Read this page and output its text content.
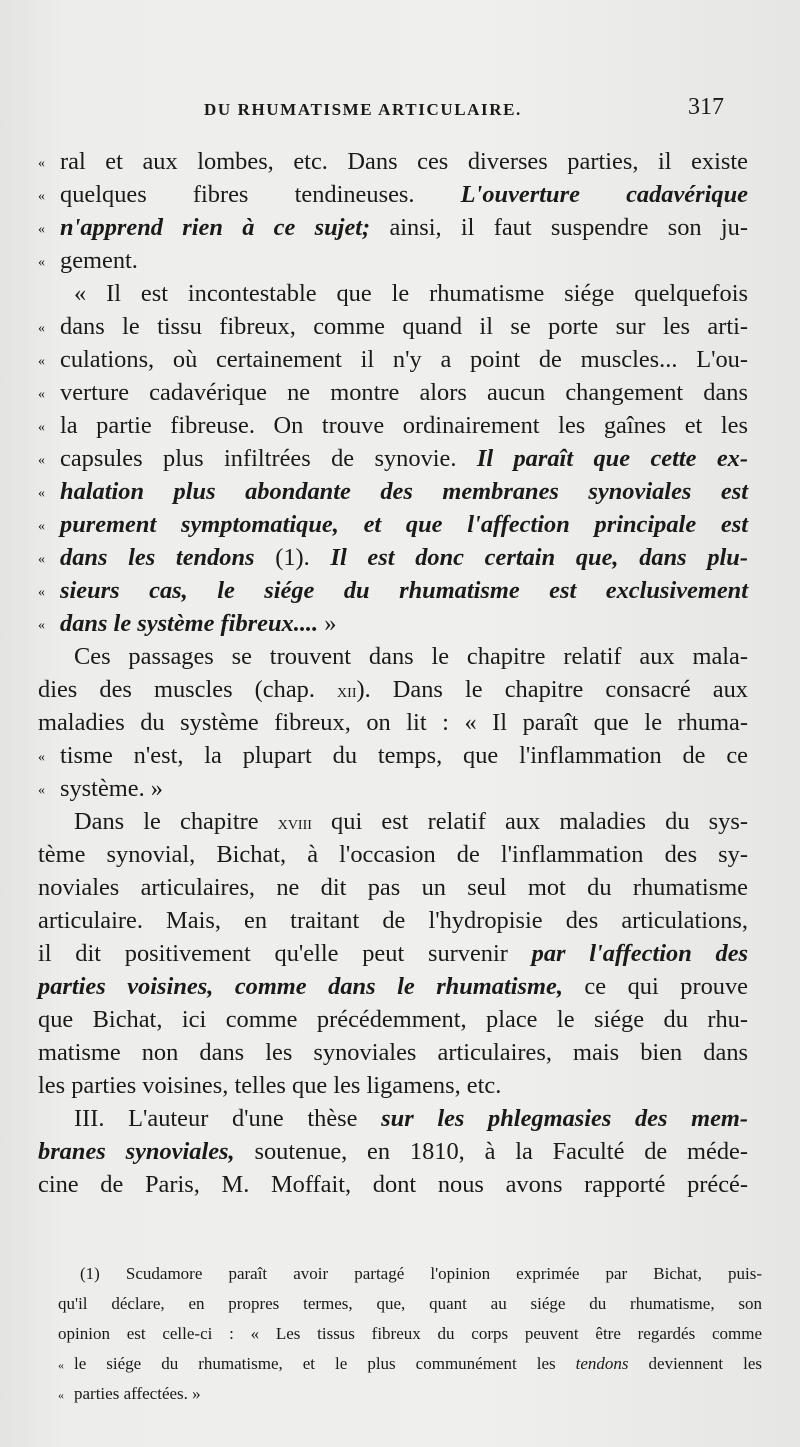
DU RHUMATISME ARTICULAIRE.	317
« ral et aux lombes, etc. Dans ces diverses parties, il existe
« quelques fibres tendineuses. L'ouverture cadavérique
« n'apprend rien à ce sujet; ainsi, il faut suspendre son ju-
« gement.
« Il est incontestable que le rhumatisme siége quelquefois
« dans le tissu fibreux, comme quand il se porte sur les arti-
« culations, où certainement il n'y a point de muscles... L'ou-
« verture cadavérique ne montre alors aucun changement dans
« la partie fibreuse. On trouve ordinairement les gaînes et les
« capsules plus infiltrées de synovie. Il paraît que cette ex-
« halation plus abondante des membranes synoviales est
« purement symptomatique, et que l'affection principale est
« dans les tendons (1). Il est donc certain que, dans plu-
« sieurs cas, le siége du rhumatisme est exclusivement
« dans le système fibreux.... »
Ces passages se trouvent dans le chapitre relatif aux mala-
dies des muscles (chap. xii). Dans le chapitre consacré aux
maladies du système fibreux, on lit : « Il paraît que le rhuma-
« tisme n'est, la plupart du temps, que l'inflammation de ce
« système. »
Dans le chapitre xviii qui est relatif aux maladies du sys-
tème synovial, Bichat, à l'occasion de l'inflammation des sy-
noviales articulaires, ne dit pas un seul mot du rhumatisme
articulaire. Mais, en traitant de l'hydropisie des articulations,
il dit positivement qu'elle peut survenir par l'affection des
parties voisines, comme dans le rhumatisme, ce qui prouve
que Bichat, ici comme précédemment, place le siége du rhu-
matisme non dans les synoviales articulaires, mais bien dans
les parties voisines, telles que les ligamens, etc.
III. L'auteur d'une thèse sur les phlegmasies des mem-
branes synoviales, soutenue, en 1810, à la Faculté de méde-
cine de Paris, M. Moffait, dont nous avons rapporté précé-
(1) Scudamore paraît avoir partagé l'opinion exprimée par Bichat, puis-
qu'il déclare, en propres termes, que, quant au siége du rhumatisme, son
opinion est celle-ci : « Les tissus fibreux du corps peuvent être regardés comme
« le siége du rhumatisme, et le plus communément les tendons deviennent les
« parties affectées. »
